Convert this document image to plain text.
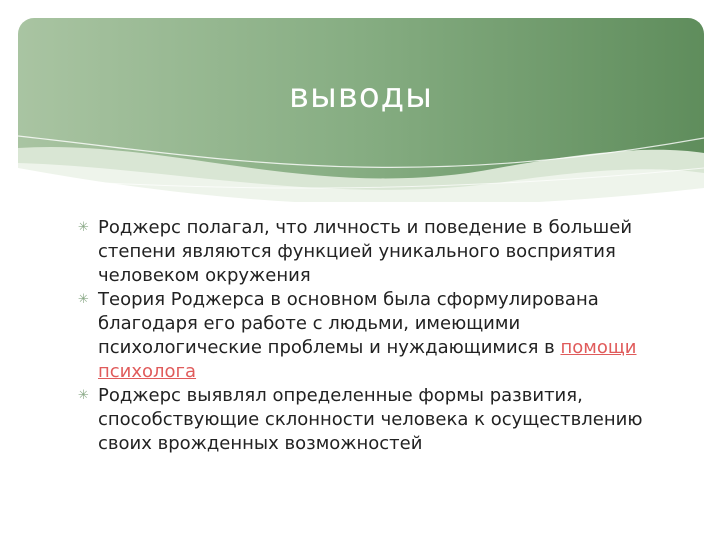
выводы
✳ Роджерс полагал, что личность и поведение в большей степени являются функцией уникального восприятия человеком окружения
✳ Теория Роджерса в основном была сформулирована благодаря его работе с людьми, имеющими психологические проблемы и нуждающимися в помощи психолога
✳ Роджерс выявлял определенные формы развития, способствующие склонности человека к осуществлению своих врожденных возможностей
